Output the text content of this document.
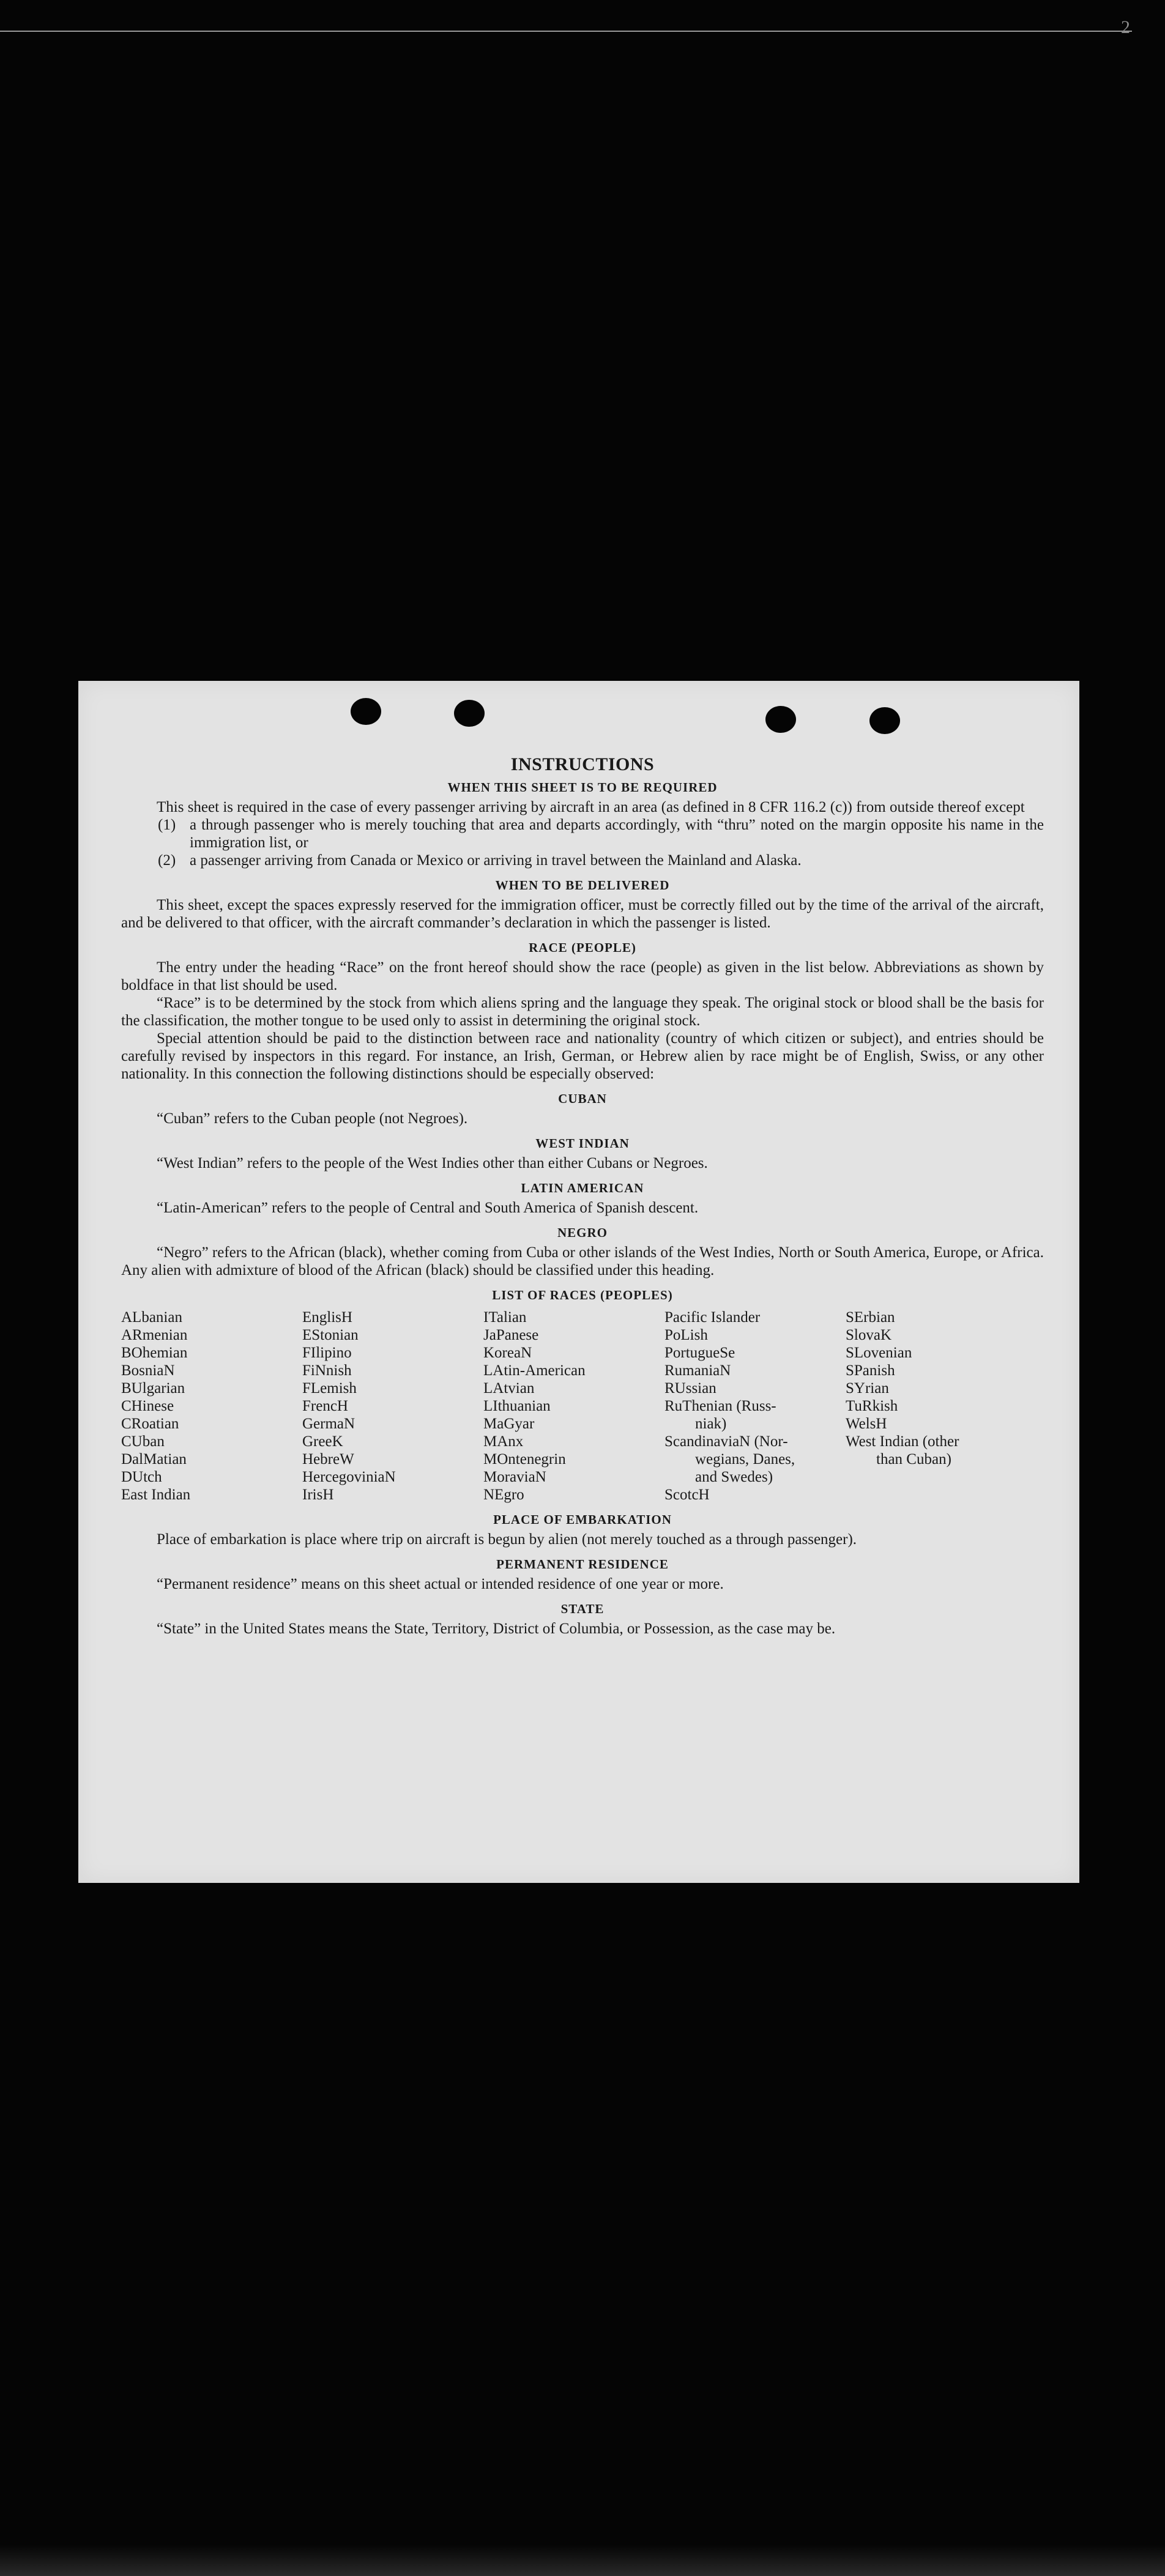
2
INSTRUCTIONS
WHEN THIS SHEET IS TO BE REQUIRED

This sheet is required in the case of every passenger arriving by aircraft in an area (as defined in 8 CFR 116.2 (c)) from outside thereof except

(1) a through passenger who is merely touching that area and departs accordingly, with “thru” noted on the margin opposite his name in the immigration list, or
(2) a passenger arriving from Canada or Mexico or arriving in travel between the Mainland and Alaska.
WHEN TO BE DELIVERED

This sheet, except the spaces expressly reserved for the immigration officer, must be correctly filled out by the time of the arrival of the aircraft, and be delivered to that officer, with the aircraft commander’s declaration in which the passenger is listed.

RACE (PEOPLE)

The entry under the heading “Race” on the front hereof should show the race (people) as given in the list below. Abbreviations as shown by boldface in that list should be used.

“Race” is to be determined by the stock from which aliens spring and the language they speak. The original stock or blood shall be the basis for the classification, the mother tongue to be used only to assist in determining the original stock.

Special attention should be paid to the distinction between race and nationality (country of which citizen or subject), and entries should be carefully revised by inspectors in this regard. For instance, an Irish, German, or Hebrew alien by race might be of English, Swiss, or any other nationality. In this connection the following distinctions should be especially observed:

CUBAN

“Cuban” refers to the Cuban people (not Negroes).

WEST INDIAN

“West Indian” refers to the people of the West Indies other than either Cubans or Negroes.

LATIN AMERICAN

“Latin-American” refers to the people of Central and South America of Spanish descent.

NEGRO

“Negro” refers to the African (black), whether coming from Cuba or other islands of the West Indies, North or South America, Europe, or Africa. Any alien with admixture of blood of the African (black) should be classified under this heading.

LIST OF RACES (PEOPLES)
ALbanian
ARmenian
BOhemian
BosniaN
BUlgarian
CHinese
CRoatian
CUban
DalMatian
DUtch
East Indian
EnglisH
EStonian
FIlipino
FiNnish
FLemish
FrencH
GermaN
GreeK
HebreW
HercegoviniaN
IrisH
ITalian
JaPanese
KoreaN
LAtin-American
LAtvian
LIthuanian
MaGyar
MAnx
MOntenegrin
MoraviaN
NEgro
Pacific Islander
PoLish
PortugueSe
RumaniaN
RUssian
RuThenian (Russ-
niak)
ScandinaviaN (Nor-
wegians, Danes,
and Swedes)
ScotcH
SErbian
SlovaK
SLovenian
SPanish
SYrian
TuRkish
WelsH
West Indian (other
than Cuban)
PLACE OF EMBARKATION

Place of embarkation is place where trip on aircraft is begun by alien (not merely touched as a through passenger).

PERMANENT RESIDENCE

“Permanent residence” means on this sheet actual or intended residence of one year or more.

STATE

“State” in the United States means the State, Territory, District of Columbia, or Possession, as the case may be.
